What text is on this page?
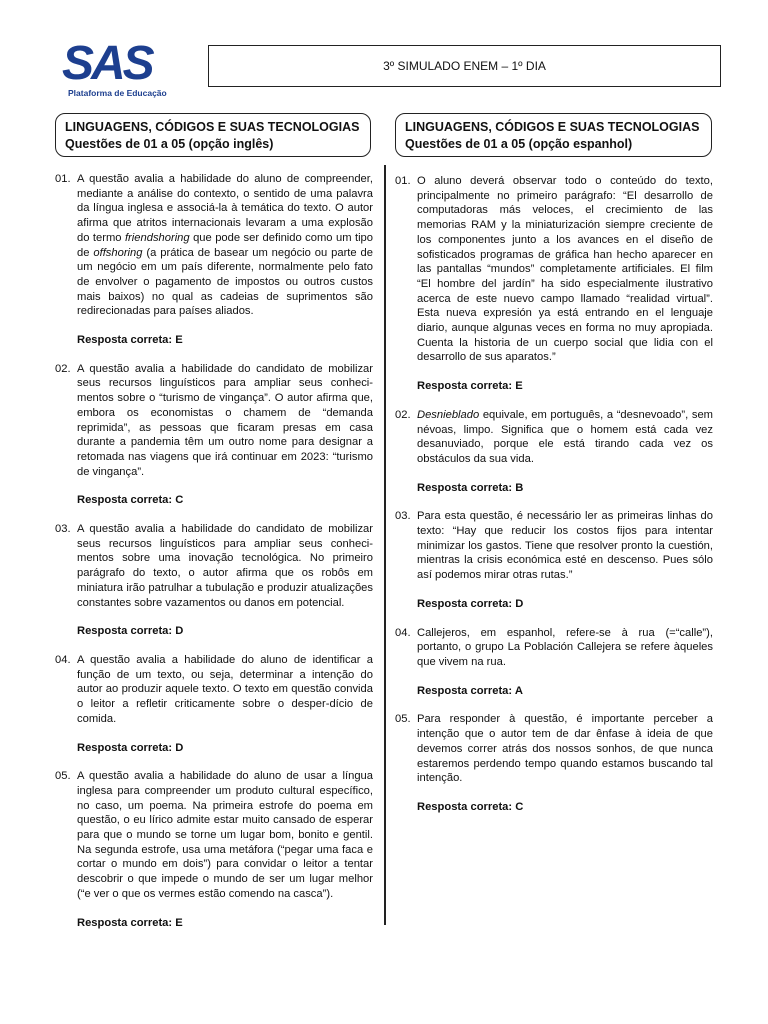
SAS
Plataforma de Educação
3º SIMULADO ENEM – 1º DIA
LINGUAGENS, CÓDIGOS E SUAS TECNOLOGIAS
Questões de 01 a 05 (opção inglês)
LINGUAGENS, CÓDIGOS E SUAS TECNOLOGIAS
Questões de 01 a 05 (opção espanhol)
01. A questão avalia a habilidade do aluno de compreender, mediante a análise do contexto, o sentido de uma palavra da língua inglesa e associá-la à temática do texto. O autor afirma que atritos internacionais levaram a uma explosão do termo friendshoring que pode ser definido como um tipo de offshoring (a prática de basear um negócio ou parte de um negócio em um país diferente, normalmente pelo fato de envolver o pagamento de impostos ou outros custos mais baixos) no qual as cadeias de suprimentos são redirecionadas para países aliados.
Resposta correta: E
02. A questão avalia a habilidade do candidato de mobilizar seus recursos linguísticos para ampliar seus conheci-mentos sobre o “turismo de vingança”. O autor afirma que, embora os economistas o chamem de “demanda reprimida”, as pessoas que ficaram presas em casa durante a pandemia têm um outro nome para designar a retomada nas viagens que irá continuar em 2023: “turismo de vingança”.
Resposta correta: C
03. A questão avalia a habilidade do candidato de mobilizar seus recursos linguísticos para ampliar seus conheci-mentos sobre uma inovação tecnológica. No primeiro parágrafo do texto, o autor afirma que os robôs em miniatura irão patrulhar a tubulação e produzir atualizações constantes sobre vazamentos ou danos em potencial.
Resposta correta: D
04. A questão avalia a habilidade do aluno de identificar a função de um texto, ou seja, determinar a intenção do autor ao produzir aquele texto. O texto em questão convida o leitor a refletir criticamente sobre o desper-dício de comida.
Resposta correta: D
05. A questão avalia a habilidade do aluno de usar a língua inglesa para compreender um produto cultural específico, no caso, um poema. Na primeira estrofe do poema em questão, o eu lírico admite estar muito cansado de esperar para que o mundo se torne um lugar bom, bonito e gentil. Na segunda estrofe, usa uma metáfora (“pegar uma faca e cortar o mundo em dois”) para convidar o leitor a tentar descobrir o que impede o mundo de ser um lugar melhor (“e ver o que os vermes estão comendo na casca”).
Resposta correta: E
01. O aluno deverá observar todo o conteúdo do texto, principalmente no primeiro parágrafo: “El desarrollo de computadoras más veloces, el crecimiento de las memorias RAM y la miniaturización siempre creciente de los componentes junto a los avances en el diseño de sofisticados programas de gráfica han hecho aparecer en las pantallas “mundos” completamente artificiales. El film “El hombre del jardín” ha sido especialmente ilustrativo acerca de este nuevo campo llamado “realidad virtual”. Esta nueva expresión ya está entrando en el lenguaje diario, aunque algunas veces en forma no muy apropiada. Cuenta la historia de un cuerpo social que lidia con el desarrollo de sus aparatos.”
Resposta correta: E
02. Desnieblado equivale, em português, a “desnevoado”, sem névoas, limpo. Significa que o homem está cada vez desanuviado, porque ele está tirando cada vez os obstáculos da sua vida.
Resposta correta: B
03. Para esta questão, é necessário ler as primeiras linhas do texto: “Hay que reducir los costos fijos para intentar minimizar los gastos. Tiene que resolver pronto la cuestión, mientras la crisis económica esté en descenso. Pues sólo así podemos mirar otras rutas.”
Resposta correta: D
04. Callejeros, em espanhol, refere-se à rua (=“calle”), portanto, o grupo La Población Callejera se refere àqueles que vivem na rua.
Resposta correta: A
05. Para responder à questão, é importante perceber a intenção que o autor tem de dar ênfase à ideia de que devemos correr atrás dos nossos sonhos, de que nunca estaremos perdendo tempo quando estamos buscando tal intenção.
Resposta correta: C
